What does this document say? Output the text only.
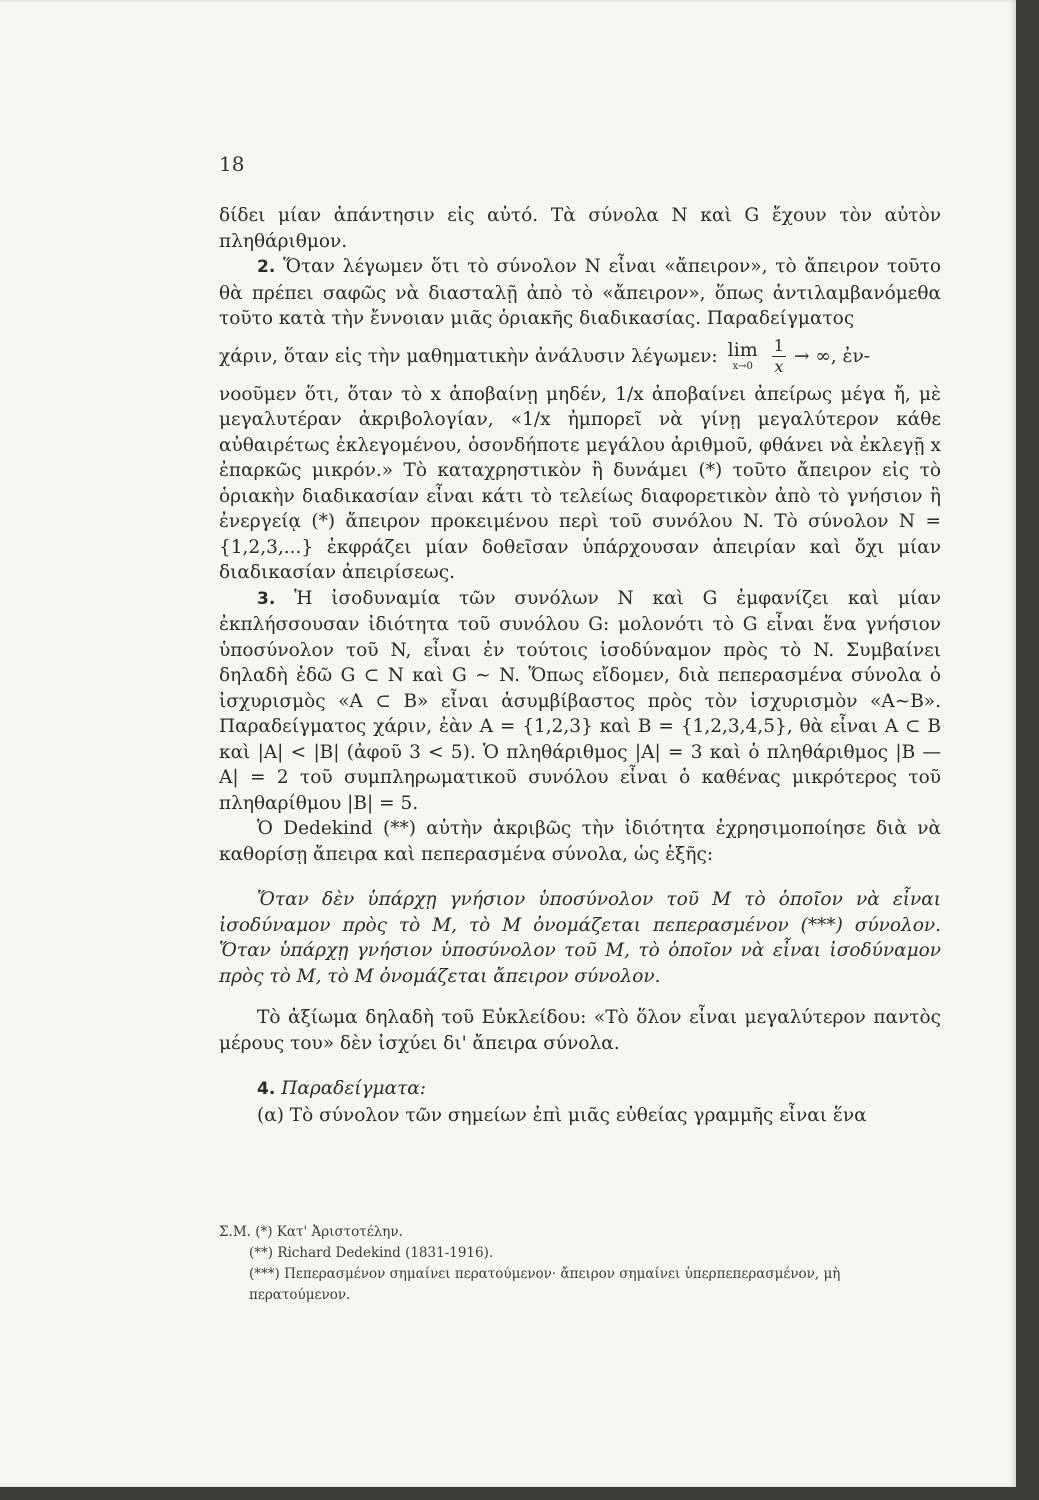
18

δίδει μίαν ἀπάντησιν εἰς αὐτό. Τὰ σύνολα N καὶ G ἔχουν τὸν αὐτὸν πληθάριθμον.

2. Ὅταν λέγωμεν ὅτι τὸ σύνολον N εἶναι «ἄπειρον», τὸ ἄπειρον τοῦτο θὰ πρέπει σαφῶς νὰ διασταλῇ ἀπὸ τὸ «ἄπειρον», ὅπως ἀντιλαμβανόμεθα τοῦτο κατὰ τὴν ἔννοιαν μιᾶς ὁριακῆς διαδικασίας. Παραδείγματος

χάριν, ὅταν εἰς τὴν μαθηματικὴν ἀνάλυσιν λέγωμεν: lim
$x\to 0 \frac{1}{x}$ → ∞, ἐν-

νοοῦμεν ὅτι, ὅταν τὸ x ἀποβαίνῃ μηδέν, 1/x ἀποβαίνει ἀπείρως μέγα ἤ, μὲ μεγαλυτέραν ἀκριβολογίαν, «1/x ἠμπορεῖ νὰ γίνῃ μεγαλύτερον κάθε αὐθαιρέτως ἐκλεγομένου, ὁσονδήποτε μεγάλου ἀριθμοῦ, φθάνει νὰ ἐκλεγῇ x ἐπαρκῶς μικρόν.» Τὸ καταχρηστικὸν ἢ δυνάμει (*) τοῦτο ἄπειρον εἰς τὸ ὁριακὴν διαδικασίαν εἶναι κάτι τὸ τελείως διαφορετικὸν ἀπὸ τὸ γνήσιον ἢ ἐνεργείᾳ (*) ἄπειρον προκειμένου περὶ τοῦ συνόλου N. Τὸ σύνολον N = {1,2,3,...} ἐκφράζει μίαν δοθεῖσαν ὑπάρχουσαν ἀπειρίαν καὶ ὄχι μίαν διαδικασίαν ἀπειρίσεως.

3. Ἡ ἰσοδυναμία τῶν συνόλων N καὶ G ἐμφανίζει καὶ μίαν ἐκπλήσσουσαν ἰδιότητα τοῦ συνόλου G: μολονότι τὸ G εἶναι ἕνα γνήσιον ὑποσύνολον τοῦ N, εἶναι ἐν τούτοις ἰσοδύναμον πρὸς τὸ N. Συμβαίνει δηλαδὴ ἐδῶ G ⊂ N καὶ G ∼ N. Ὅπως εἴδομεν, διὰ πεπερασμένα σύνολα ὁ ἰσχυρισμὸς «A ⊂ B» εἶναι ἀσυμβίβαστος πρὸς τὸν ἰσχυρισμὸν «A∼B». Παραδείγματος χάριν, ἐὰν A = {1,2,3} καὶ B = {1,2,3,4,5}, θὰ εἶναι A ⊂ B καὶ |A| < |B| (ἀφοῦ 3 < 5). Ὁ πληθάριθμος |A| = 3 καὶ ὁ πληθάριθμος |B — A| = 2 τοῦ συμπληρωματικοῦ συνόλου εἶναι ὁ καθένας μικρότερος τοῦ πληθαρίθμου |B| = 5.

Ὁ Dedekind (**) αὐτὴν ἀκριβῶς τὴν ἰδιότητα ἐχρησιμοποίησε διὰ νὰ καθορίσῃ ἄπειρα καὶ πεπερασμένα σύνολα, ὡς ἑξῆς:

Ὅταν δὲν ὑπάρχῃ γνήσιον ὑποσύνολον τοῦ M τὸ ὁποῖον νὰ εἶναι ἰσοδύναμον πρὸς τὸ M, τὸ M ὀνομάζεται πεπερασμένον (***) σύνολον. Ὅταν ὑπάρχῃ γνήσιον ὑποσύνολον τοῦ M, τὸ ὁποῖον νὰ εἶναι ἰσοδύναμον πρὸς τὸ M, τὸ M ὀνομάζεται ἄπειρον σύνολον.

Τὸ ἀξίωμα δηλαδὴ τοῦ Εὐκλείδου: «Τὸ ὅλον εἶναι μεγαλύτερον παντὸς μέρους του» δὲν ἰσχύει δι' ἄπειρα σύνολα.

4. Παραδείγματα:

(α) Τὸ σύνολον τῶν σημείων ἐπὶ μιᾶς εὐθείας γραμμῆς εἶναι ἕνα

Σ.Μ. (*) Κατ' Ἀριστοτέλην.
(**) Richard Dedekind (1831-1916).
(***) Πεπερασμένον σημαίνει περατούμενον· ἄπειρον σημαίνει ὑπερπεπερασμένον, μὴ περατούμενον.
